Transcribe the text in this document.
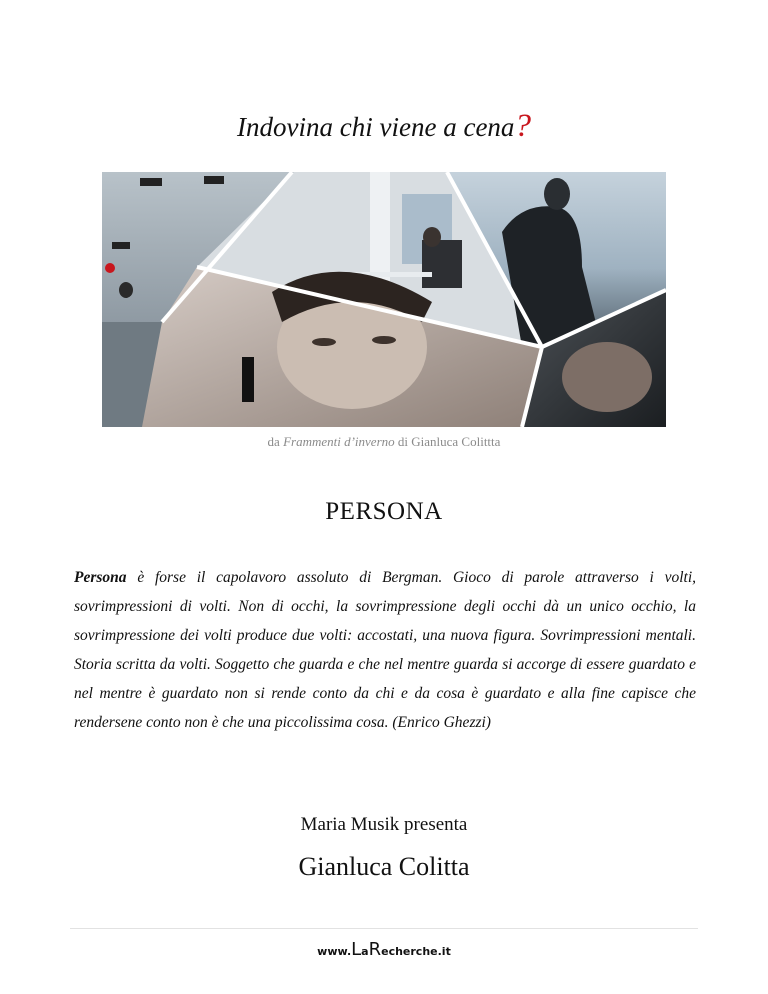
Indovina chi viene a cena?
da Frammenti d’inverno di Gianluca Colittta
PERSONA
Persona è forse il capolavoro assoluto di Bergman. Gioco di parole attraverso i volti, sovrimpressioni di volti. Non di occhi, la sovrimpressione degli occhi dà un unico occhio, la sovrimpressione dei volti produce due volti: accostati, una nuova figura. Sovrimpressioni mentali. Storia scritta da volti. Soggetto che guarda e che nel mentre guarda si accorge di essere guardato e nel mentre è guardato non si rende conto da chi e da cosa è guardato e alla fine capisce che rendersene conto non è che una piccolissima cosa. (Enrico Ghezzi)
Maria Musik presenta
Gianluca Colitta
www.LaRecherche.it
